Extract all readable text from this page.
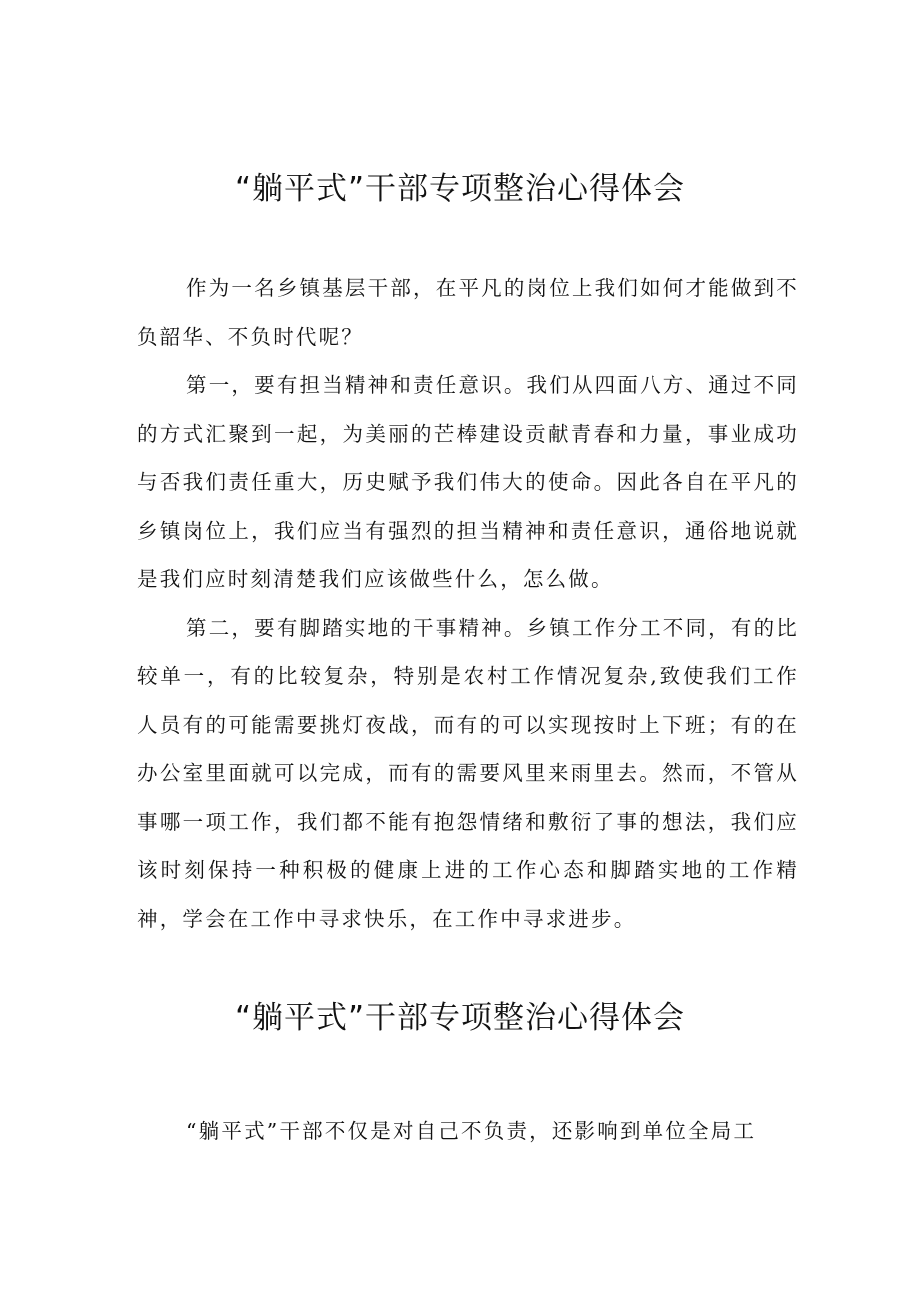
“躺平式”干部专项整治心得体会

作为一名乡镇基层干部，在平凡的岗位上我们如何才能做到不负韶华、不负时代呢？

第一，要有担当精神和责任意识。我们从四面八方、通过不同的方式汇聚到一起，为美丽的芒棒建设贡献青春和力量，事业成功与否我们责任重大，历史赋予我们伟大的使命。因此各自在平凡的乡镇岗位上，我们应当有强烈的担当精神和责任意识，通俗地说就是我们应时刻清楚我们应该做些什么，怎么做。

第二，要有脚踏实地的干事精神。乡镇工作分工不同，有的比较单一，有的比较复杂，特别是农村工作情况复杂,致使我们工作人员有的可能需要挑灯夜战，而有的可以实现按时上下班；有的在办公室里面就可以完成，而有的需要风里来雨里去。然而，不管从事哪一项工作，我们都不能有抱怨情绪和敷衍了事的想法，我们应该时刻保持一种积极的健康上进的工作心态和脚踏实地的工作精神，学会在工作中寻求快乐，在工作中寻求进步。

“躺平式”干部专项整治心得体会

“躺平式”干部不仅是对自己不负责，还影响到单位全局工
